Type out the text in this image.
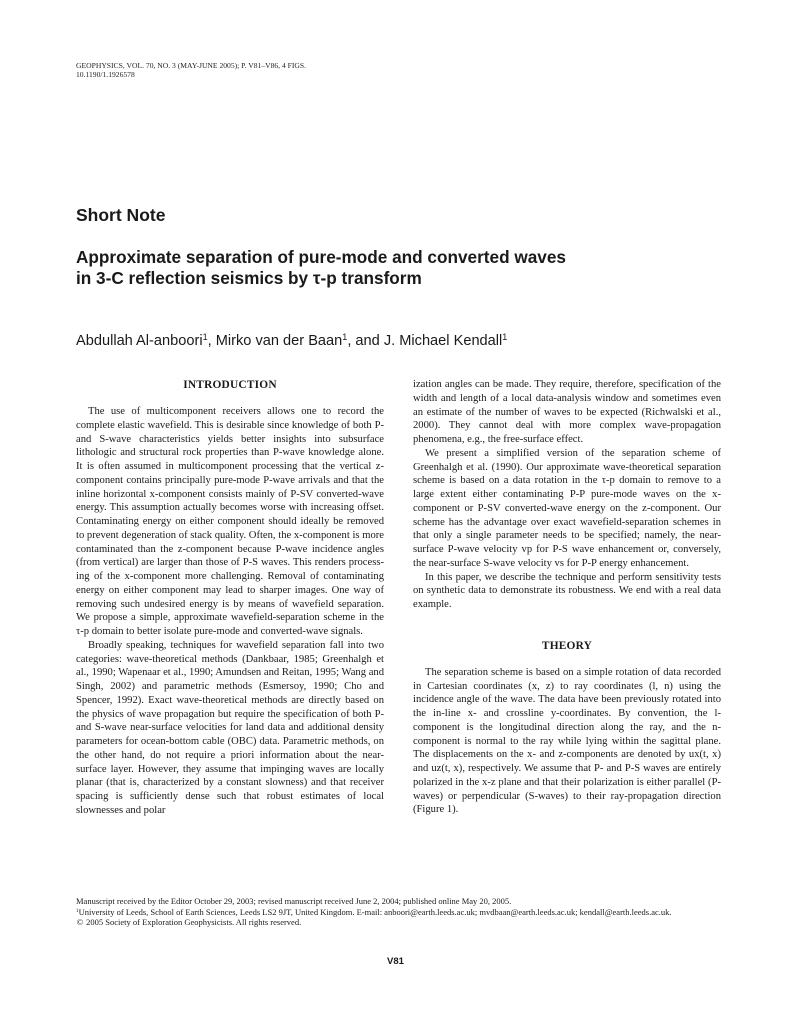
GEOPHYSICS, VOL. 70, NO. 3 (MAY-JUNE 2005); P. V81–V86, 4 FIGS.
10.1190/1.1926578
Short Note
Approximate separation of pure-mode and converted waves
in 3-C reflection seismics by τ-p transform
Abdullah Al-anboori$^1$, Mirko van der Baan$^1$, and J. Michael Kendall$^1$
INTRODUCTION

The use of multicomponent receivers allows one to record the complete elastic wavefield. This is desirable since knowledge of both P- and S-wave characteristics yields better insights into subsurface lithologic and structural rock properties than P-wave knowledge alone. It is often assumed in multicomponent processing that the vertical z-component contains principally pure-mode P-wave arrivals and that the inline horizontal x-component consists mainly of P-SV converted-wave energy. This assumption actually becomes worse with increasing offset. Contaminating energy on either component should ideally be removed to prevent degeneration of stack quality. Often, the x-component is more contaminated than the z-component because P-wave incidence angles (from vertical) are larger than those of P-S waves. This renders processing of the x-component more challenging. Removal of contaminating energy on either component may lead to sharper images. One way of removing such undesired energy is by means of wavefield separation. We propose a simple, approximate wavefield-separation scheme in the τ-p domain to better isolate pure-mode and converted-wave signals.

Broadly speaking, techniques for wavefield separation fall into two categories: wave-theoretical methods (Dankbaar, 1985; Greenhalgh et al., 1990; Wapenaar et al., 1990; Amundsen and Reitan, 1995; Wang and Singh, 2002) and parametric methods (Esmersoy, 1990; Cho and Spencer, 1992). Exact wave-theoretical methods are directly based on the physics of wave propagation but require the specification of both P- and S-wave near-surface velocities for land data and additional density parameters for ocean-bottom cable (OBC) data. Parametric methods, on the other hand, do not require a priori information about the near-surface layer. However, they assume that impinging waves are locally planar (that is, characterized by a constant slowness) and that receiver spacing is sufficiently dense such that robust estimates of local slownesses and polar

ization angles can be made. They require, therefore, specification of the width and length of a local data-analysis window and sometimes even an estimate of the number of waves to be expected (Richwalski et al., 2000). They cannot deal with more complex wave-propagation phenomena, e.g., the free-surface effect.

We present a simplified version of the separation scheme of Greenhalgh et al. (1990). Our approximate wave-theoretical separation scheme is based on a data rotation in the τ-p domain to remove to a large extent either contaminating P-P pure-mode waves on the x-component or P-SV converted-wave energy on the z-component. Our scheme has the advantage over exact wavefield-separation schemes in that only a single parameter needs to be specified; namely, the near-surface P-wave velocity vp for P-S wave enhancement or, conversely, the near-surface S-wave velocity vs for P-P energy enhancement.

In this paper, we describe the technique and perform sensitivity tests on synthetic data to demonstrate its robustness. We end with a real data example.

THEORY

The separation scheme is based on a simple rotation of data recorded in Cartesian coordinates (x, z) to ray coordinates (l, n) using the incidence angle of the wave. The data have been previously rotated into the in-line x- and crossline y-coordinates. By convention, the l-component is the longitudinal direction along the ray, and the n-component is normal to the ray while lying within the sagittal plane. The displacements on the x- and z-components are denoted by ux(t, x) and uz(t, x), respectively. We assume that P- and P-S waves are entirely polarized in the x-z plane and that their polarization is either parallel (P-waves) or perpendicular (S-waves) to their ray-propagation direction (Figure 1).

Manuscript received by the Editor October 29, 2003; revised manuscript received June 2, 2004; published online May 20, 2005.
$^1$University of Leeds, School of Earth Sciences, Leeds LS2 9JT, United Kingdom. E-mail: anboori@earth.leeds.ac.uk; mvdbaan@earth.leeds.ac.uk; kendall@earth.leeds.ac.uk.
© 2005 Society of Exploration Geophysicists. All rights reserved.
V81
